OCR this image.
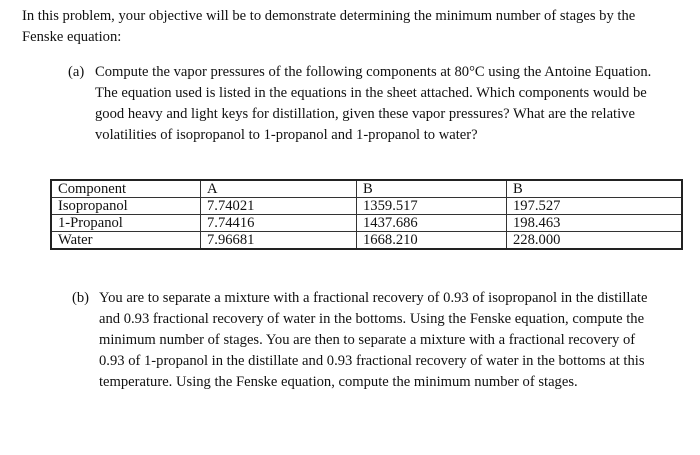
In this problem, your objective will be to demonstrate determining the minimum number of stages by the Fenske equation:
(a) Compute the vapor pressures of the following components at 80°C using the Antoine Equation. The equation used is listed in the equations in the sheet attached. Which components would be good heavy and light keys for distillation, given these vapor pressures? What are the relative volatilities of isopropanol to 1-propanol and 1-propanol to water?
Component	A	B	B
Isopropanol	7.74021	1359.517	197.527
1-Propanol	7.74416	1437.686	198.463
Water	7.96681	1668.210	228.000
(b) You are to separate a mixture with a fractional recovery of 0.93 of isopropanol in the distillate and 0.93 fractional recovery of water in the bottoms. Using the Fenske equation, compute the minimum number of stages. You are then to separate a mixture with a fractional recovery of 0.93 of 1-propanol in the distillate and 0.93 fractional recovery of water in the bottoms at this temperature. Using the Fenske equation, compute the minimum number of stages.
